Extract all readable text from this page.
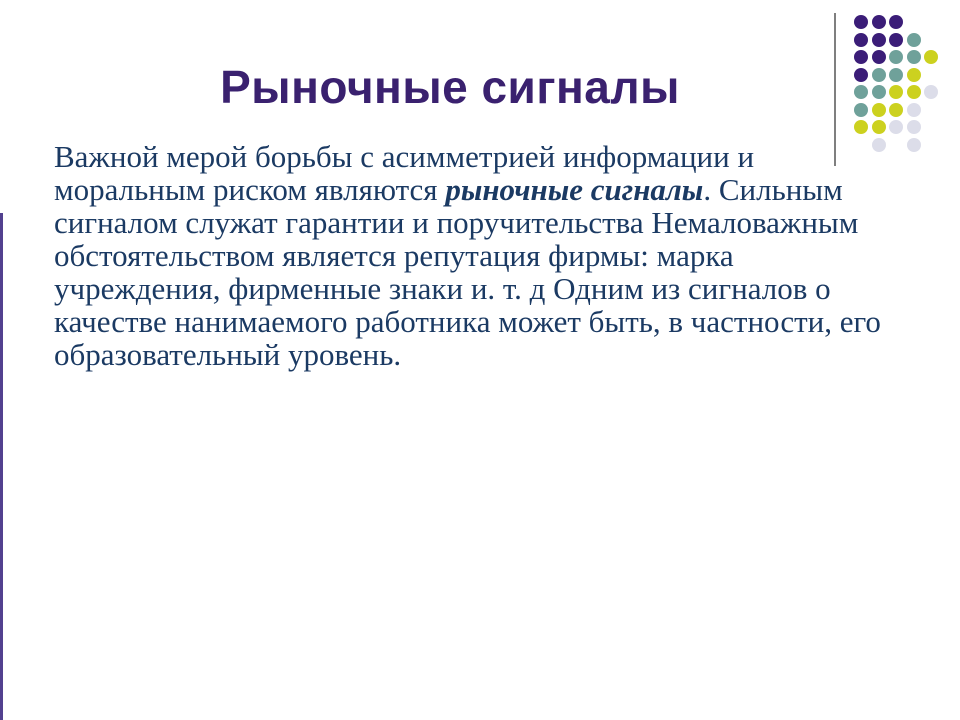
Рыночные сигналы
Важной мерой борьбы с асимметрией информации и
моральным риском являются рыночные сигналы. Сильным
сигналом служат гарантии и поручительства Немаловажным
обстоятельством является репутация фирмы: марка
учреждения, фирменные знаки и. т. д Одним из сигналов о
качестве нанимаемого работника может быть, в частности, его
образовательный уровень.
